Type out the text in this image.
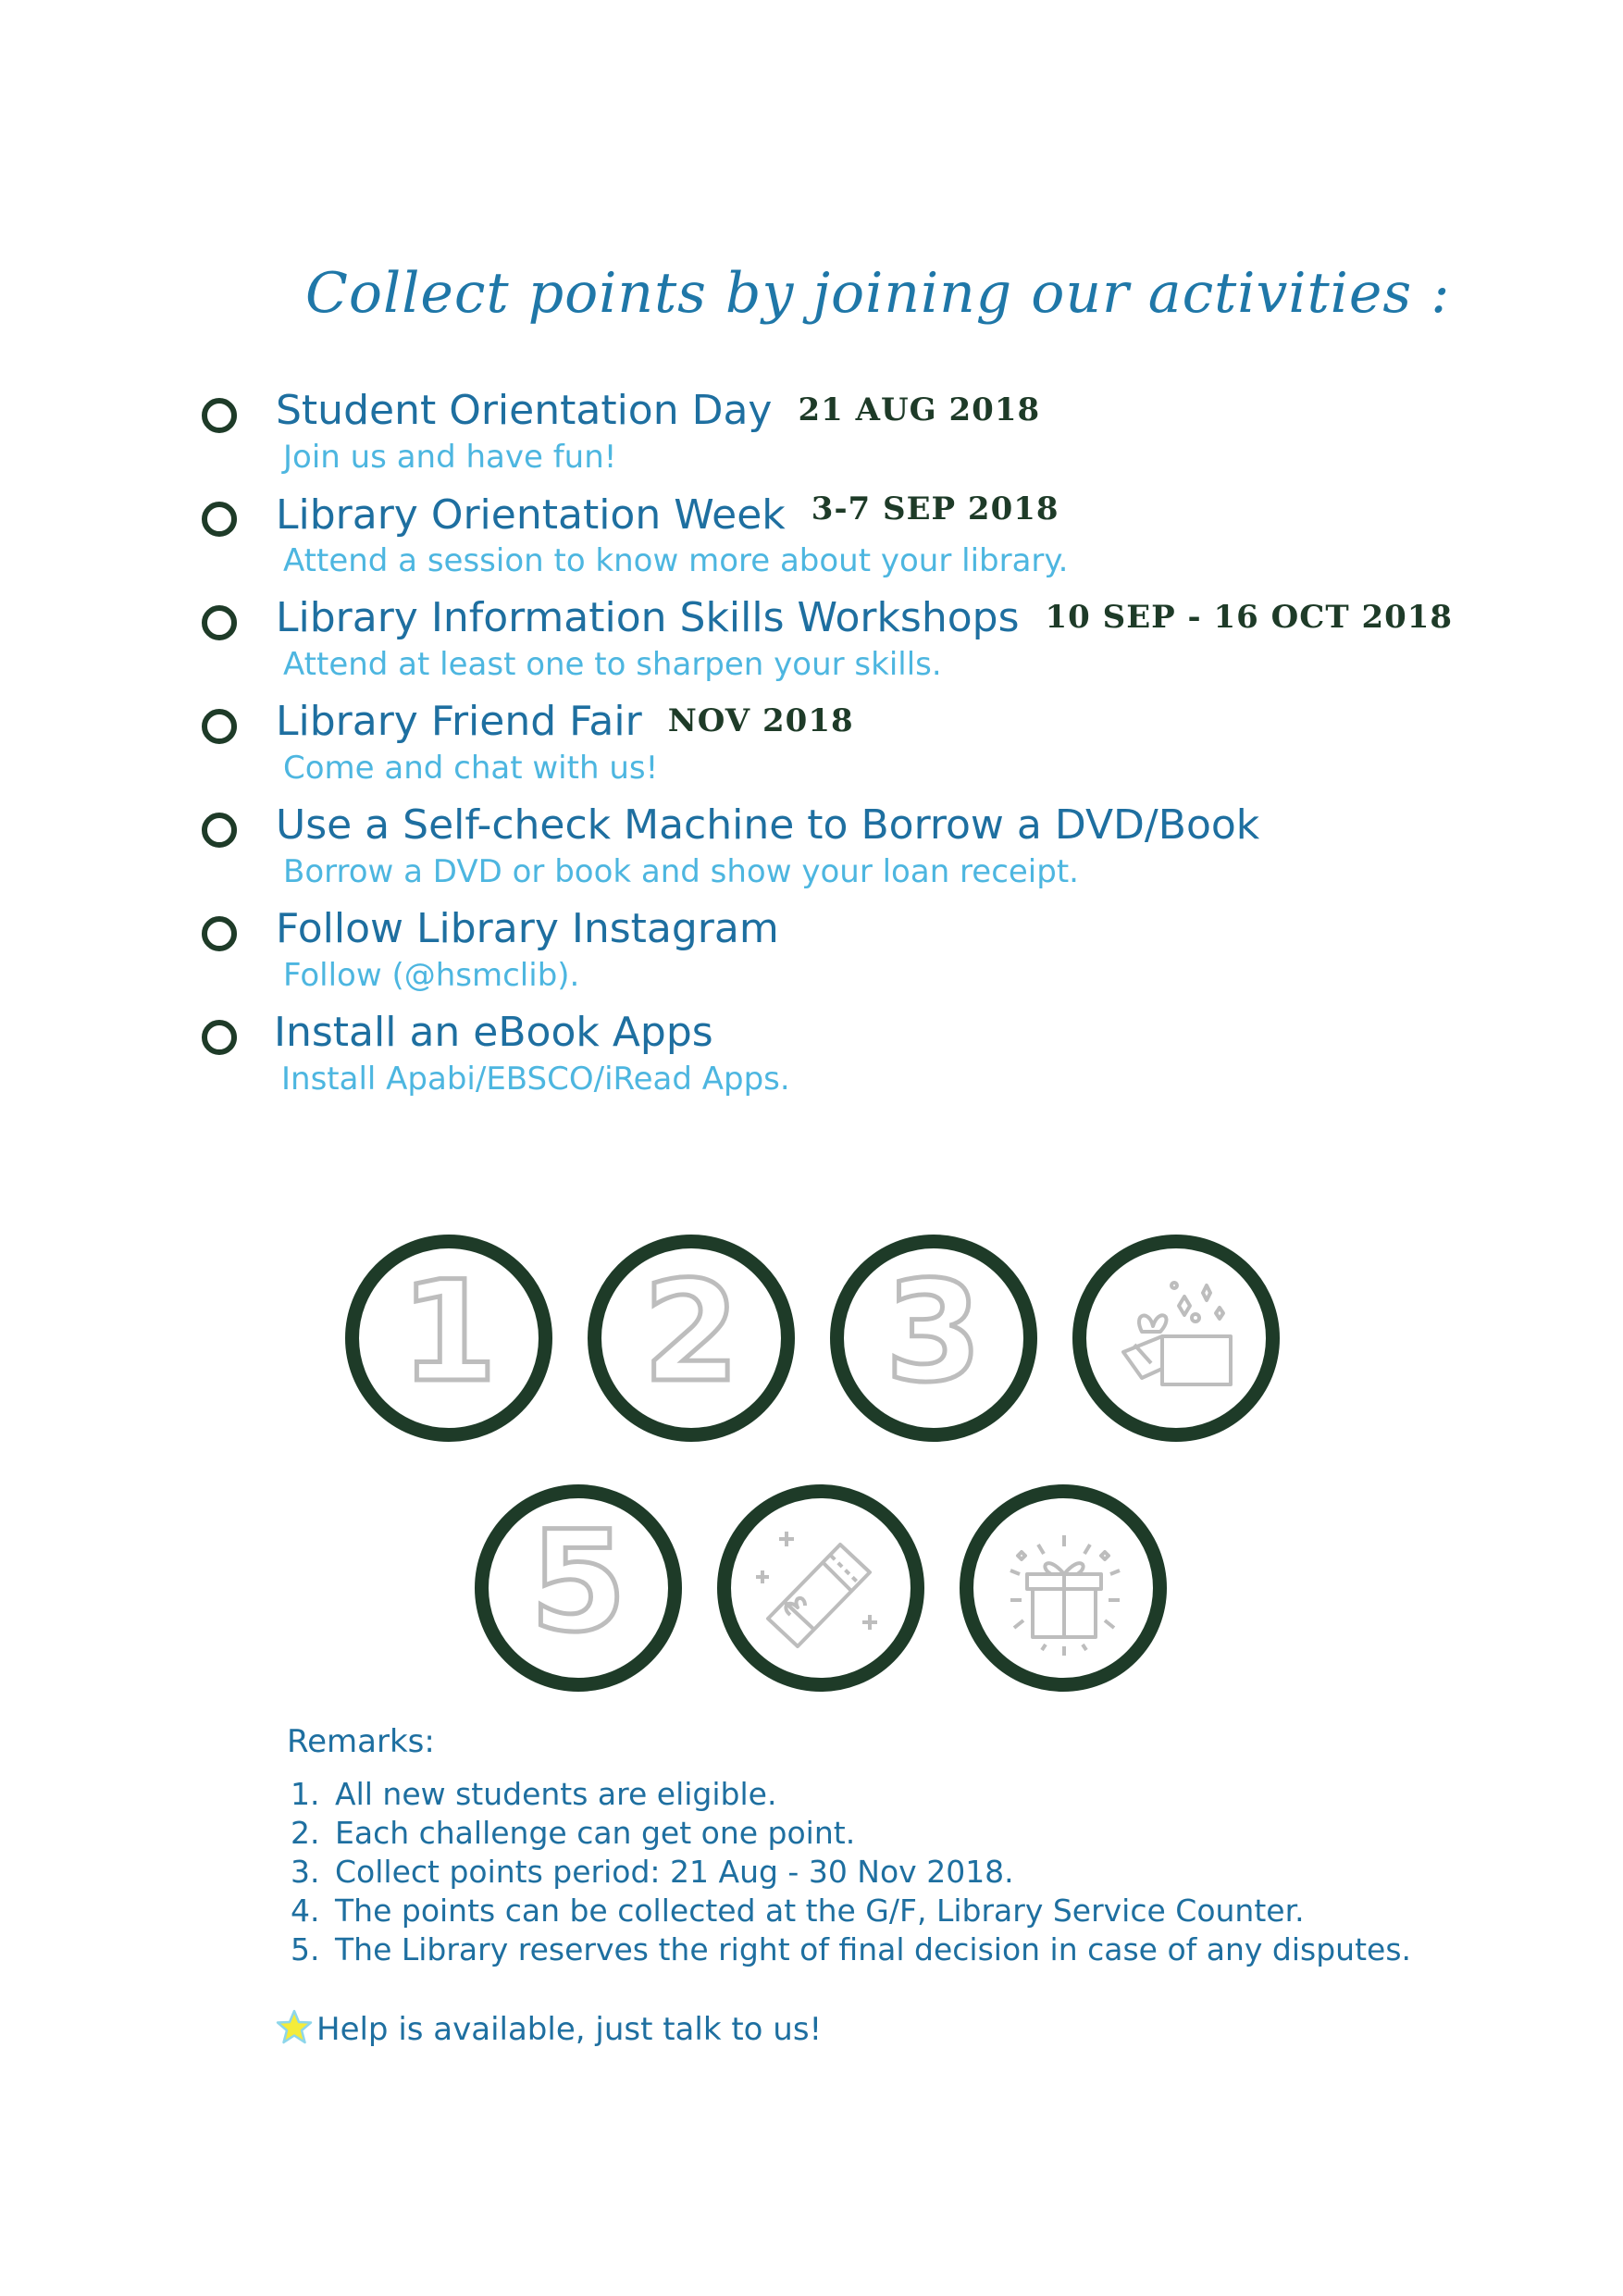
Collect points by joining our activities :
Student Orientation Day 21 AUG 2018
Join us and have fun!
Library Orientation Week 3-7 SEP 2018
Attend a session to know more about your library.
Library Information Skills Workshops 10 SEP - 16 OCT 2018
Attend at least one to sharpen your skills.
Library Friend Fair NOV 2018
Come and chat with us!
Use a Self-check Machine to Borrow a DVD/Book
Borrow a DVD or book and show your loan receipt.
Follow Library Instagram
Follow (@hsmclib).
Install an eBook Apps
Install Apabi/EBSCO/iRead Apps.
1 2 3
5
Remarks:
1. All new students are eligible.
2. Each challenge can get one point.
3. Collect points period: 21 Aug - 30 Nov 2018.
4. The points can be collected at the G/F, Library Service Counter.
5. The Library reserves the right of final decision in case of any disputes.
Help is available, just talk to us!
